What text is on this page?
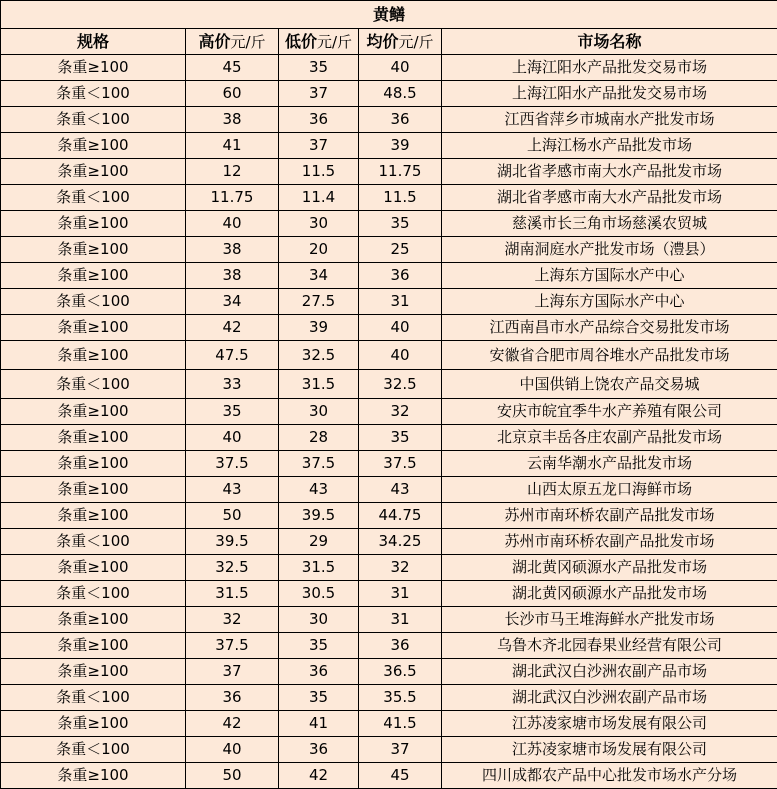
黄鳝				
规格	高价元/斤	低价元/斤	均价元/斤	市场名称
条重≥100	45	35	40	上海江阳水产品批发交易市场
条重＜100	60	37	48.5	上海江阳水产品批发交易市场
条重＜100	38	36	36	江西省萍乡市城南水产批发市场
条重≥100	41	37	39	上海江杨水产品批发市场
条重≥100	12	11.5	11.75	湖北省孝感市南大水产品批发市场
条重＜100	11.75	11.4	11.5	湖北省孝感市南大水产品批发市场
条重≥100	40	30	35	慈溪市长三角市场慈溪农贸城
条重≥100	38	20	25	湖南洞庭水产批发市场（澧县）
条重≥100	38	34	36	上海东方国际水产中心
条重＜100	34	27.5	31	上海东方国际水产中心
条重≥100	42	39	40	江西南昌市水产品综合交易批发市场
条重≥100	47.5	32.5	40	安徽省合肥市周谷堆水产品批发市场
条重＜100	33	31.5	32.5	中国供销上饶农产品交易城
条重≥100	35	30	32	安庆市皖宜季牛水产养殖有限公司
条重≥100	40	28	35	北京京丰岳各庄农副产品批发市场
条重≥100	37.5	37.5	37.5	云南华潮水产品批发市场
条重≥100	43	43	43	山西太原五龙口海鲜市场
条重≥100	50	39.5	44.75	苏州市南环桥农副产品批发市场
条重＜100	39.5	29	34.25	苏州市南环桥农副产品批发市场
条重≥100	32.5	31.5	32	湖北黄冈硕源水产品批发市场
条重＜100	31.5	30.5	31	湖北黄冈硕源水产品批发市场
条重≥100	32	30	31	长沙市马王堆海鲜水产批发市场
条重≥100	37.5	35	36	乌鲁木齐北园春果业经营有限公司
条重≥100	37	36	36.5	湖北武汉白沙洲农副产品市场
条重＜100	36	35	35.5	湖北武汉白沙洲农副产品市场
条重≥100	42	41	41.5	江苏凌家塘市场发展有限公司
条重＜100	40	36	37	江苏凌家塘市场发展有限公司
条重≥100	50	42	45	四川成都农产品中心批发市场水产分场
